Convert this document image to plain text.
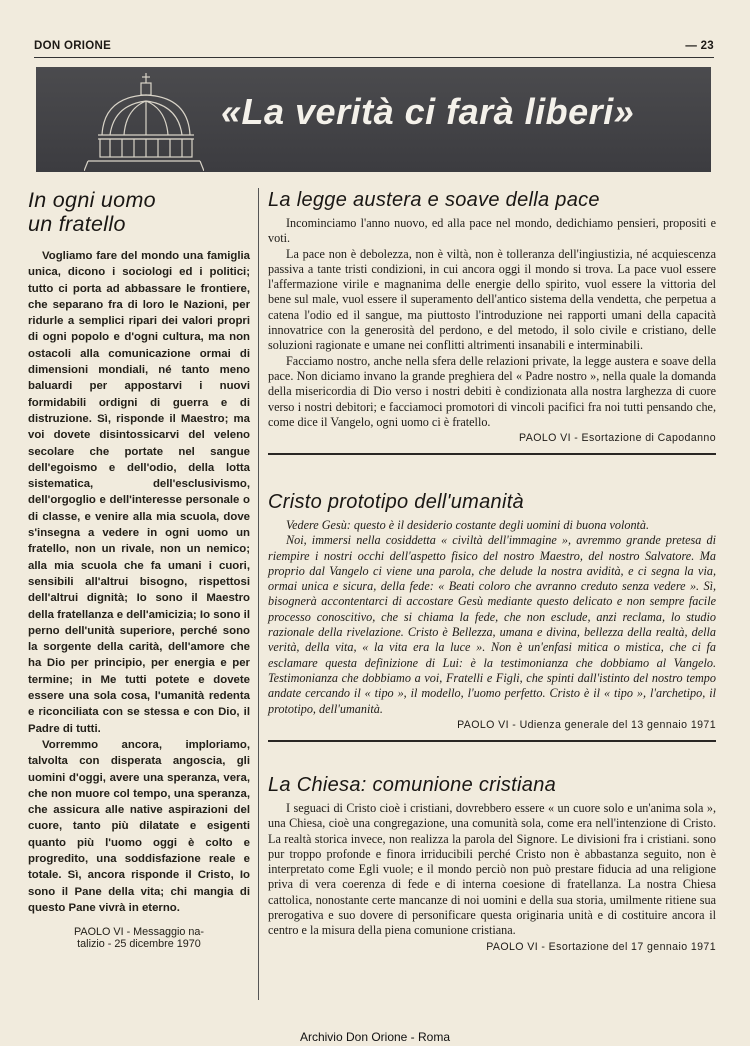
DON ORIONE	— 23
«La verità ci farà liberi»
In ogni uomo
un fratello

Vogliamo fare del mondo una famiglia unica, dicono i sociologi ed i politici; tutto ci porta ad abbassare le frontiere, che separano fra di loro le Nazioni, per ridurle a semplici ripari dei valori propri di ogni popolo e d'ogni cultura, ma non ostacoli alla comunicazione ormai di dimensioni mondiali, né tanto meno baluardi per appostarvi i nuovi formidabili ordigni di guerra e di distruzione. Sì, risponde il Maestro; ma voi dovete disintossicarvi del veleno secolare che portate nel sangue dell'egoismo e dell'odio, della lotta sistematica, dell'esclusivismo, dell'orgoglio e dell'interesse personale o di classe, e venire alla mia scuola, dove s'insegna a vedere in ogni uomo un fratello, non un rivale, non un nemico; alla mia scuola che fa umani i cuori, sensibili all'altrui bisogno, rispettosi dell'altrui dignità; Io sono il Maestro della fratellanza e dell'amicizia; Io sono il perno dell'unità superiore, perché sono la sorgente della carità, dell'amore che ha Dio per principio, per energia e per termine; in Me tutti potete e dovete essere una sola cosa, l'umanità redenta e riconciliata con se stessa e con Dio, il Padre di tutti.

Vorremmo ancora, imploriamo, talvolta con disperata angoscia, gli uomini d'oggi, avere una speranza, vera, che non muore col tempo, una speranza, che assicura alle native aspirazioni del cuore, tanto più dilatate e esigenti quanto più l'uomo oggi è colto e progredito, una soddisfazione reale e totale. Sì, ancora risponde il Cristo, Io sono il Pane della vita; chi mangia di questo Pane vivrà in eterno.

PAOLO VI - Messaggio na-
talizio - 25 dicembre 1970
La legge austera e soave della pace

Incominciamo l'anno nuovo, ed alla pace nel mondo, dedichiamo pensieri, propositi e voti.

La pace non è debolezza, non è viltà, non è tolleranza dell'ingiustizia, né acquiescenza passiva a tante tristi condizioni, in cui ancora oggi il mondo si trova. La pace vuol essere l'affermazione virile e magnanima delle energie dello spirito, vuol essere la vittoria del bene sul male, vuol essere il superamento dell'antico sistema della vendetta, che perpetua a catena l'odio ed il sangue, ma piuttosto l'introduzione nei rapporti umani della capacità innovatrice con la generosità del perdono, e del metodo, il solo civile e cristiano, delle soluzioni ragionate e umane nei conflitti altrimenti insanabili e interminabili.

Facciamo nostro, anche nella sfera delle relazioni private, la legge austera e soave della pace. Non diciamo invano la grande preghiera del « Padre nostro », nella quale la domanda della misericordia di Dio verso i nostri debiti è condizionata alla nostra larghezza di cuore verso i nostri debitori; e facciamoci promotori di vincoli pacifici fra noi tutti pensando che, come dice il Vangelo, ogni uomo ci è fratello.

PAOLO VI - Esortazione di Capodanno
Cristo prototipo dell'umanità

Vedere Gesù: questo è il desiderio costante degli uomini di buona volontà.

Noi, immersi nella cosiddetta « civiltà dell'immagine », avremmo grande pretesa di riempire i nostri occhi dell'aspetto fisico del nostro Maestro, del nostro Salvatore. Ma proprio dal Vangelo ci viene una parola, che delude la nostra avidità, e ci segna la via, ormai unica e sicura, della fede: « Beati coloro che avranno creduto senza vedere ». Sì, bisognerà accontentarci di accostare Gesù mediante questo delicato e non sempre facile processo conoscitivo, che si chiama la fede, che non esclude, anzi reclama, lo studio razionale della rivelazione. Cristo è Bellezza, umana e divina, bellezza della realtà, della verità, della vita, « la vita era la luce ». Non è un'enfasi mitica o mistica, che ci fa esclamare questa definizione di Lui: è la testimonianza che dobbiamo al Vangelo. Testimonianza che dobbiamo a voi, Fratelli e Figli, che spinti dall'istinto del nostro tempo andate cercando il « tipo », il modello, l'uomo perfetto. Cristo è il « tipo », l'archetipo, il prototipo, dell'umanità.

PAOLO VI - Udienza generale del 13 gennaio 1971
La Chiesa: comunione cristiana

I seguaci di Cristo cioè i cristiani, dovrebbero essere « un cuore solo e un'anima sola », una Chiesa, cioè una congregazione, una comunità sola, come era nell'intenzione di Cristo. La realtà storica invece, non realizza la parola del Signore. Le divisioni fra i cristiani. sono pur troppo profonde e finora irriducibili perché Cristo non è abbastanza seguito, non è interpretato come Egli vuole; e il mondo perciò non può prestare fiducia ad una religione priva di vera coerenza di fede e di interna coesione di fratellanza. La nostra Chiesa cattolica, nonostante certe mancanze di noi uomini e della sua storia, umilmente ritiene sua prerogativa e suo dovere di personificare questa originaria unità e di costituire ancora il centro e la misura della piena comunione cristiana.

PAOLO VI - Esortazione del 17 gennaio 1971
Archivio Don Orione - Roma
